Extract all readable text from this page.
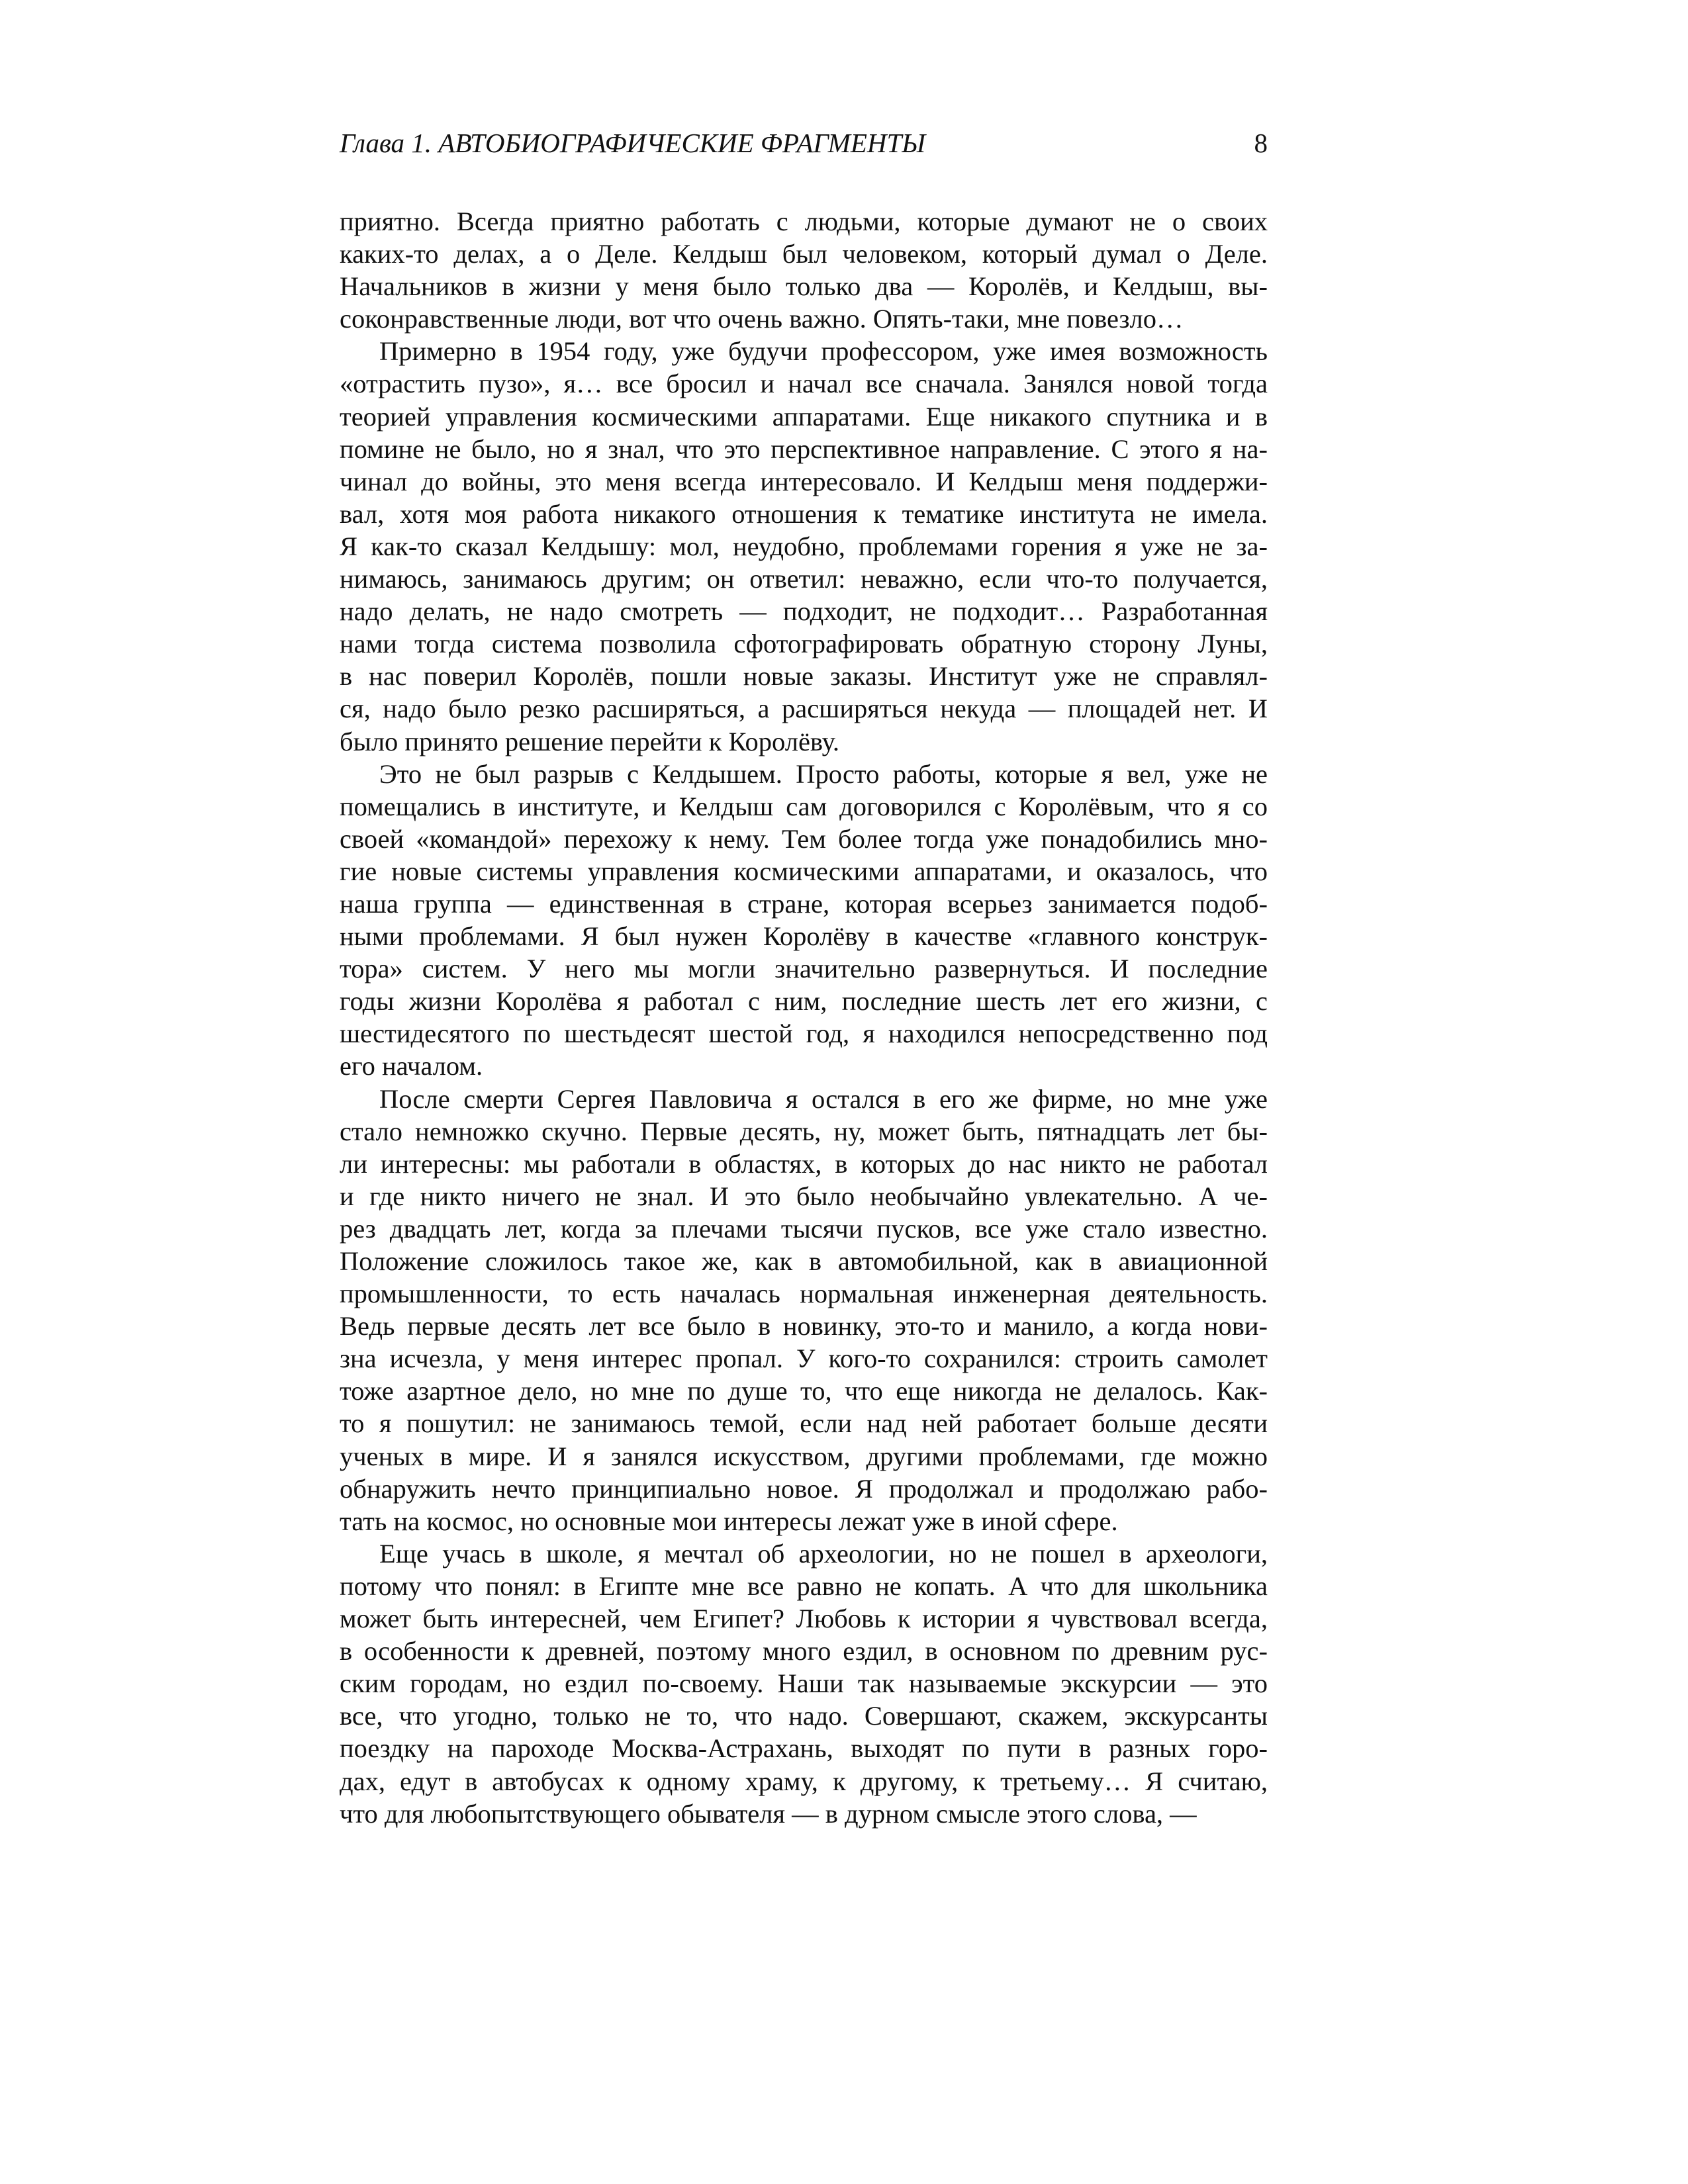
Глава 1. АВТОБИОГРАФИЧЕСКИЕ ФРАГМЕНТЫ	8
приятно. Всегда приятно работать с людьми, которые думают не о своих
каких-то делах, а о Деле. Келдыш был человеком, который думал о Деле.
Начальников в жизни у меня было только два — Королёв, и Келдыш, вы-
соконравственные люди, вот что очень важно. Опять-таки, мне повезло…
Примерно в 1954 году, уже будучи профессором, уже имея возможность
«отрастить пузо», я… все бросил и начал все сначала. Занялся новой тогда
теорией управления космическими аппаратами. Еще никакого спутника и в
помине не было, но я знал, что это перспективное направление. С этого я на-
чинал до войны, это меня всегда интересовало. И Келдыш меня поддержи-
вал, хотя моя работа никакого отношения к тематике института не имела.
Я как-то сказал Келдышу: мол, неудобно, проблемами горения я уже не за-
нимаюсь, занимаюсь другим; он ответил: неважно, если что-то получается,
надо делать, не надо смотреть — подходит, не подходит… Разработанная
нами тогда система позволила сфотографировать обратную сторону Луны,
в нас поверил Королёв, пошли новые заказы. Институт уже не справлял-
ся, надо было резко расширяться, а расширяться некуда — площадей нет. И
было принято решение перейти к Королёву.
Это не был разрыв с Келдышем. Просто работы, которые я вел, уже не
помещались в институте, и Келдыш сам договорился с Королёвым, что я со
своей «командой» перехожу к нему. Тем более тогда уже понадобились мно-
гие новые системы управления космическими аппаратами, и оказалось, что
наша группа — единственная в стране, которая всерьез занимается подоб-
ными проблемами. Я был нужен Королёву в качестве «главного конструк-
тора» систем. У него мы могли значительно развернуться. И последние
годы жизни Королёва я работал с ним, последние шесть лет его жизни, с
шестидесятого по шестьдесят шестой год, я находился непосредственно под
его началом.
После смерти Сергея Павловича я остался в его же фирме, но мне уже
стало немножко скучно. Первые десять, ну, может быть, пятнадцать лет бы-
ли интересны: мы работали в областях, в которых до нас никто не работал
и где никто ничего не знал. И это было необычайно увлекательно. А че-
рез двадцать лет, когда за плечами тысячи пусков, все уже стало известно.
Положение сложилось такое же, как в автомобильной, как в авиационной
промышленности, то есть началась нормальная инженерная деятельность.
Ведь первые десять лет все было в новинку, это-то и манило, а когда нови-
зна исчезла, у меня интерес пропал. У кого-то сохранился: строить самолет
тоже азартное дело, но мне по душе то, что еще никогда не делалось. Как-
то я пошутил: не занимаюсь темой, если над ней работает больше десяти
ученых в мире. И я занялся искусством, другими проблемами, где можно
обнаружить нечто принципиально новое. Я продолжал и продолжаю рабо-
тать на космос, но основные мои интересы лежат уже в иной сфере.
Еще учась в школе, я мечтал об археологии, но не пошел в археологи,
потому что понял: в Египте мне все равно не копать. А что для школьника
может быть интересней, чем Египет? Любовь к истории я чувствовал всегда,
в особенности к древней, поэтому много ездил, в основном по древним рус-
ским городам, но ездил по-своему. Наши так называемые экскурсии — это
все, что угодно, только не то, что надо. Совершают, скажем, экскурсанты
поездку на пароходе Москва-Астрахань, выходят по пути в разных горо-
дах, едут в автобусах к одному храму, к другому, к третьему… Я считаю,
что для любопытствующего обывателя — в дурном смысле этого слова, —
